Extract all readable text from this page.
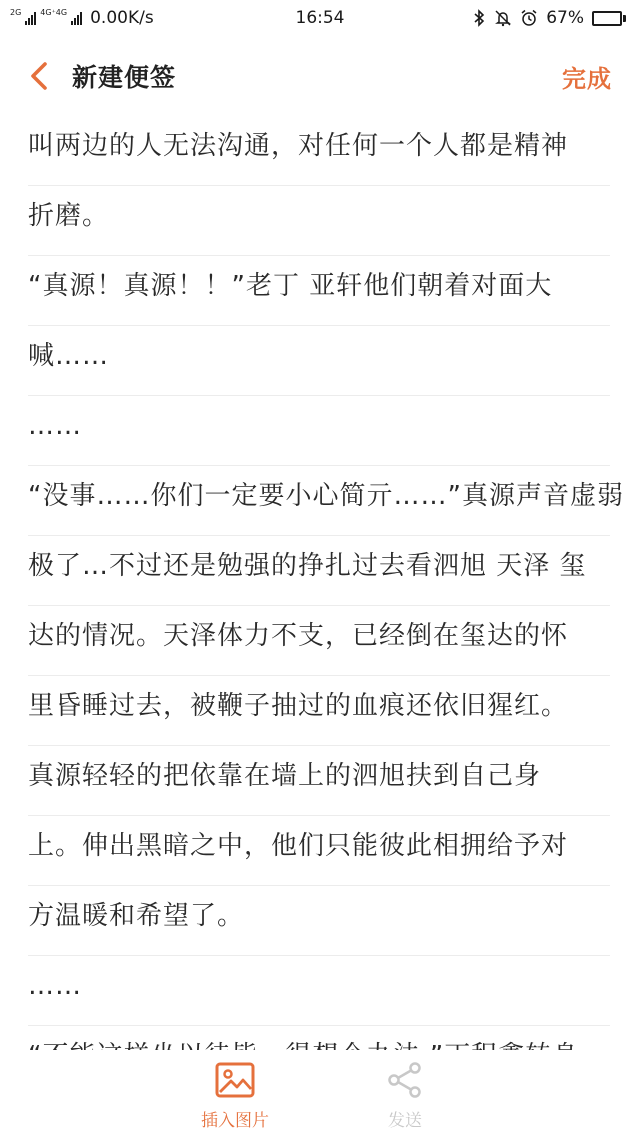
2G 4G⁺4G 0.00K/s	16:54	67%
新建便签	完成
叫两边的人无法沟通，对任何一个人都是精神
折磨。
“真源！真源！！”老丁 亚轩他们朝着对面大
喊……
……
“没事……你们一定要小心简亓……”真源声音虚弱
极了…不过还是勉强的挣扎过去看泗旭 天泽 玺
达的情况。天泽体力不支，已经倒在玺达的怀
里昏睡过去，被鞭子抽过的血痕还依旧猩红。
真源轻轻的把依靠在墙上的泗旭扶到自己身
上。伸出黑暗之中，他们只能彼此相拥给予对
方温暖和希望了。
……
插入图片	发送
